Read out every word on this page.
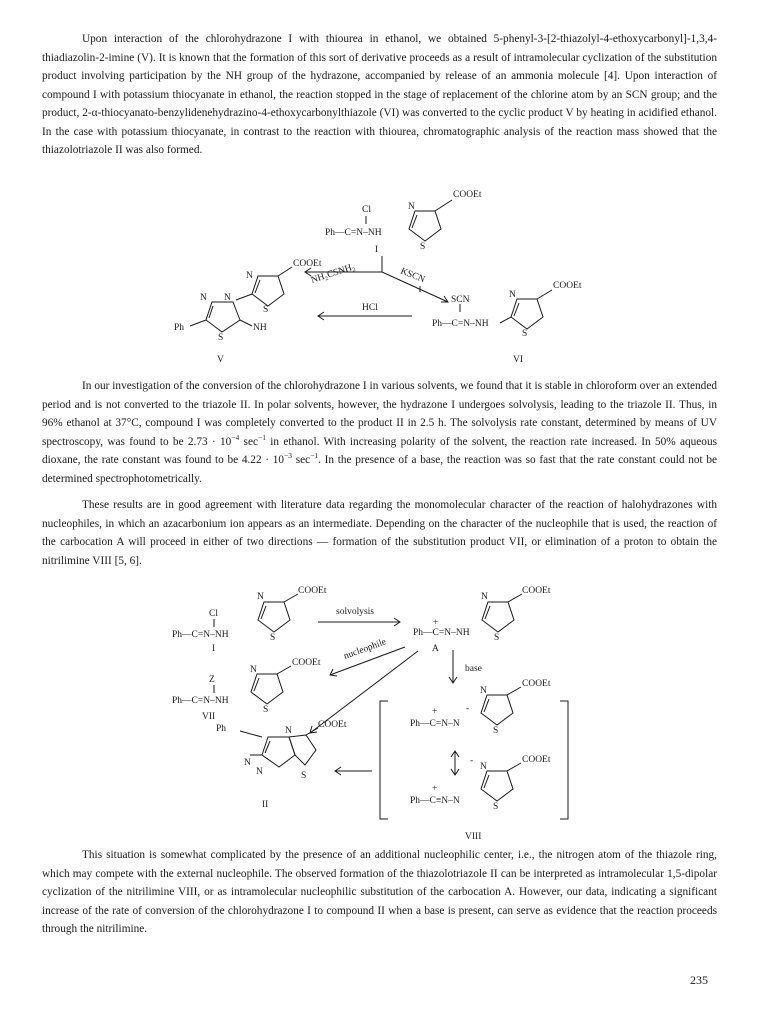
Upon interaction of the chlorohydrazone I with thiourea in ethanol, we obtained 5-phenyl-3-[2-thiazolyl-4-ethoxycarbonyl]-1,3,4-thiadiazolin-2-imine (V). It is known that the formation of this sort of derivative proceeds as a result of intramolecular cyclization of the substitution product involving participation by the NH group of the hydrazone, accompanied by release of an ammonia molecule [4]. Upon interaction of compound I with potassium thiocyanate in ethanol, the reaction stopped in the stage of replacement of the chlorine atom by an SCN group; and the product, 2-α-thiocyanato-benzylidenehydrazino-4-ethoxycarbonylthiazole (VI) was converted to the cyclic product V by heating in acidified ethanol. In the case with potassium thiocyanate, in contrast to the reaction with thiourea, chromatographic analysis of the reaction mass showed that the thiazolotriazole II was also formed.

COOEt
N
S
Cl
Ph—C=N–NH
I
NH₂CSNH₂	KSCN
HCl
COOEt
N
S
N N
S
Ph	NH
V
COOEt
N
S
SCN
Ph—C=N–NH
VI

In our investigation of the conversion of the chlorohydrazone I in various solvents, we found that it is stable in chloroform over an extended period and is not converted to the triazole II. In polar solvents, however, the hydrazone I undergoes solvolysis, leading to the triazole II. Thus, in 96% ethanol at 37°C, compound I was completely converted to the product II in 2.5 h. The solvolysis rate constant, determined by means of UV spectroscopy, was found to be $2.73 \cdot 10^{-4}$ $\sec^{-1}$ in ethanol. With increasing polarity of the solvent, the reaction rate increased. In 50% aqueous dioxane, the rate constant was found to be $4.22 \cdot 10^{-3}$ $\sec^{-1}$. In the presence of a base, the reaction was so fast that the rate constant could not be determined spectrophotometrically.

These results are in good agreement with literature data regarding the monomolecular character of the reaction of halohydrazones with nucleophiles, in which an azacarbonium ion appears as an intermediate. Depending on the character of the nucleophile that is used, the reaction of the carbocation A will proceed in either of two directions — formation of the substitution product VII, or elimination of a proton to obtain the nitrilimine VIII [5, 6].

COOEt
N
S
Cl
Ph—C=N–NH
I
solvolysis
COOEt
N
S
+
Ph—C=N–NH
A
base
nucleophile
COOEt
N
S
Z
Ph—C=N–NH
VII
Ph	COOEt
N
N
N	S
II
COOEt
N
S
+	-
Ph—C=N–N
COOEt
N
S
-
+
Ph—C≡N–N
VIII

This situation is somewhat complicated by the presence of an additional nucleophilic center, i.e., the nitrogen atom of the thiazole ring, which may compete with the external nucleophile. The observed formation of the thiazolotriazole II can be interpreted as intramolecular 1,5-dipolar cyclization of the nitrilimine VIII, or as intramolecular nucleophilic substitution of the carbocation A. However, our data, indicating a significant increase of the rate of conversion of the chlorohydrazone I to compound II when a base is present, can serve as evidence that the reaction proceeds through the nitrilimine.

235
